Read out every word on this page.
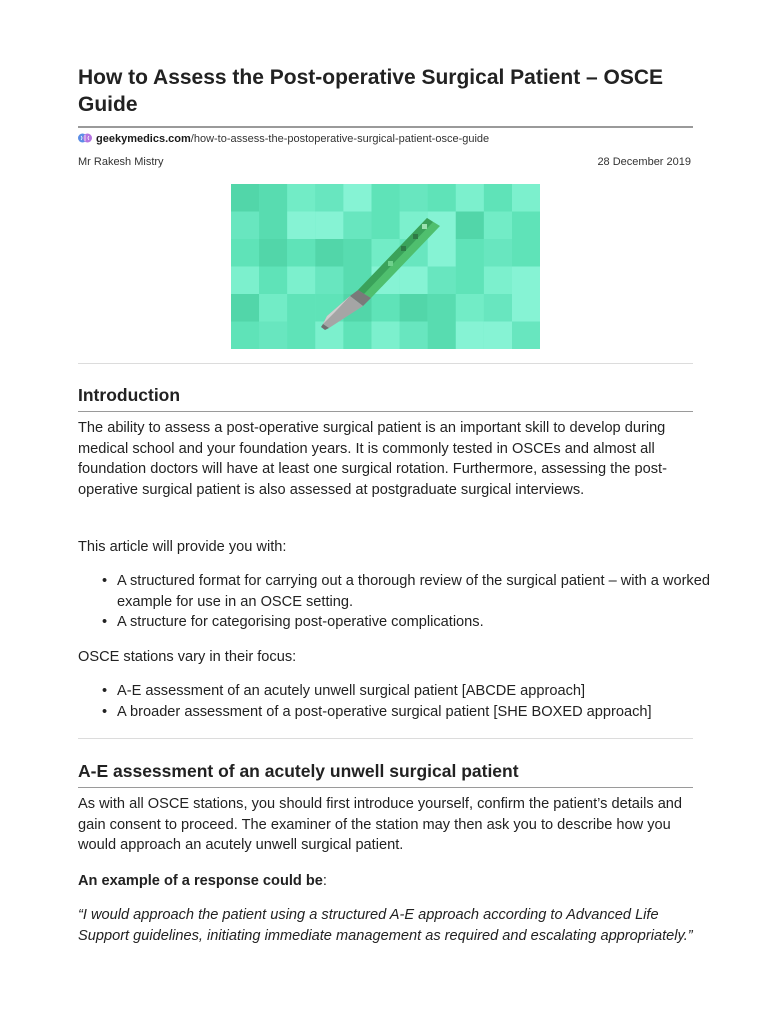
How to Assess the Post-operative Surgical Patient – OSCE Guide
geekymedics.com/how-to-assess-the-postoperative-surgical-patient-osce-guide
Mr Rakesh Mistry	28 December 2019
Introduction

The ability to assess a post-operative surgical patient is an important skill to develop during medical school and your foundation years. It is commonly tested in OSCEs and almost all foundation doctors will have at least one surgical rotation. Furthermore, assessing the post-operative surgical patient is also assessed at postgraduate surgical interviews.

This article will provide you with:

• A structured format for carrying out a thorough review of the surgical patient – with a worked example for use in an OSCE setting.
• A structure for categorising post-operative complications.

OSCE stations vary in their focus:

• A-E assessment of an acutely unwell surgical patient [ABCDE approach]
• A broader assessment of a post-operative surgical patient [SHE BOXED approach]
A-E assessment of an acutely unwell surgical patient

As with all OSCE stations, you should first introduce yourself, confirm the patient’s details and gain consent to proceed. The examiner of the station may then ask you to describe how you would approach an acutely unwell surgical patient.

An example of a response could be:

“I would approach the patient using a structured A-E approach according to Advanced Life Support guidelines, initiating immediate management as required and escalating appropriately.”
